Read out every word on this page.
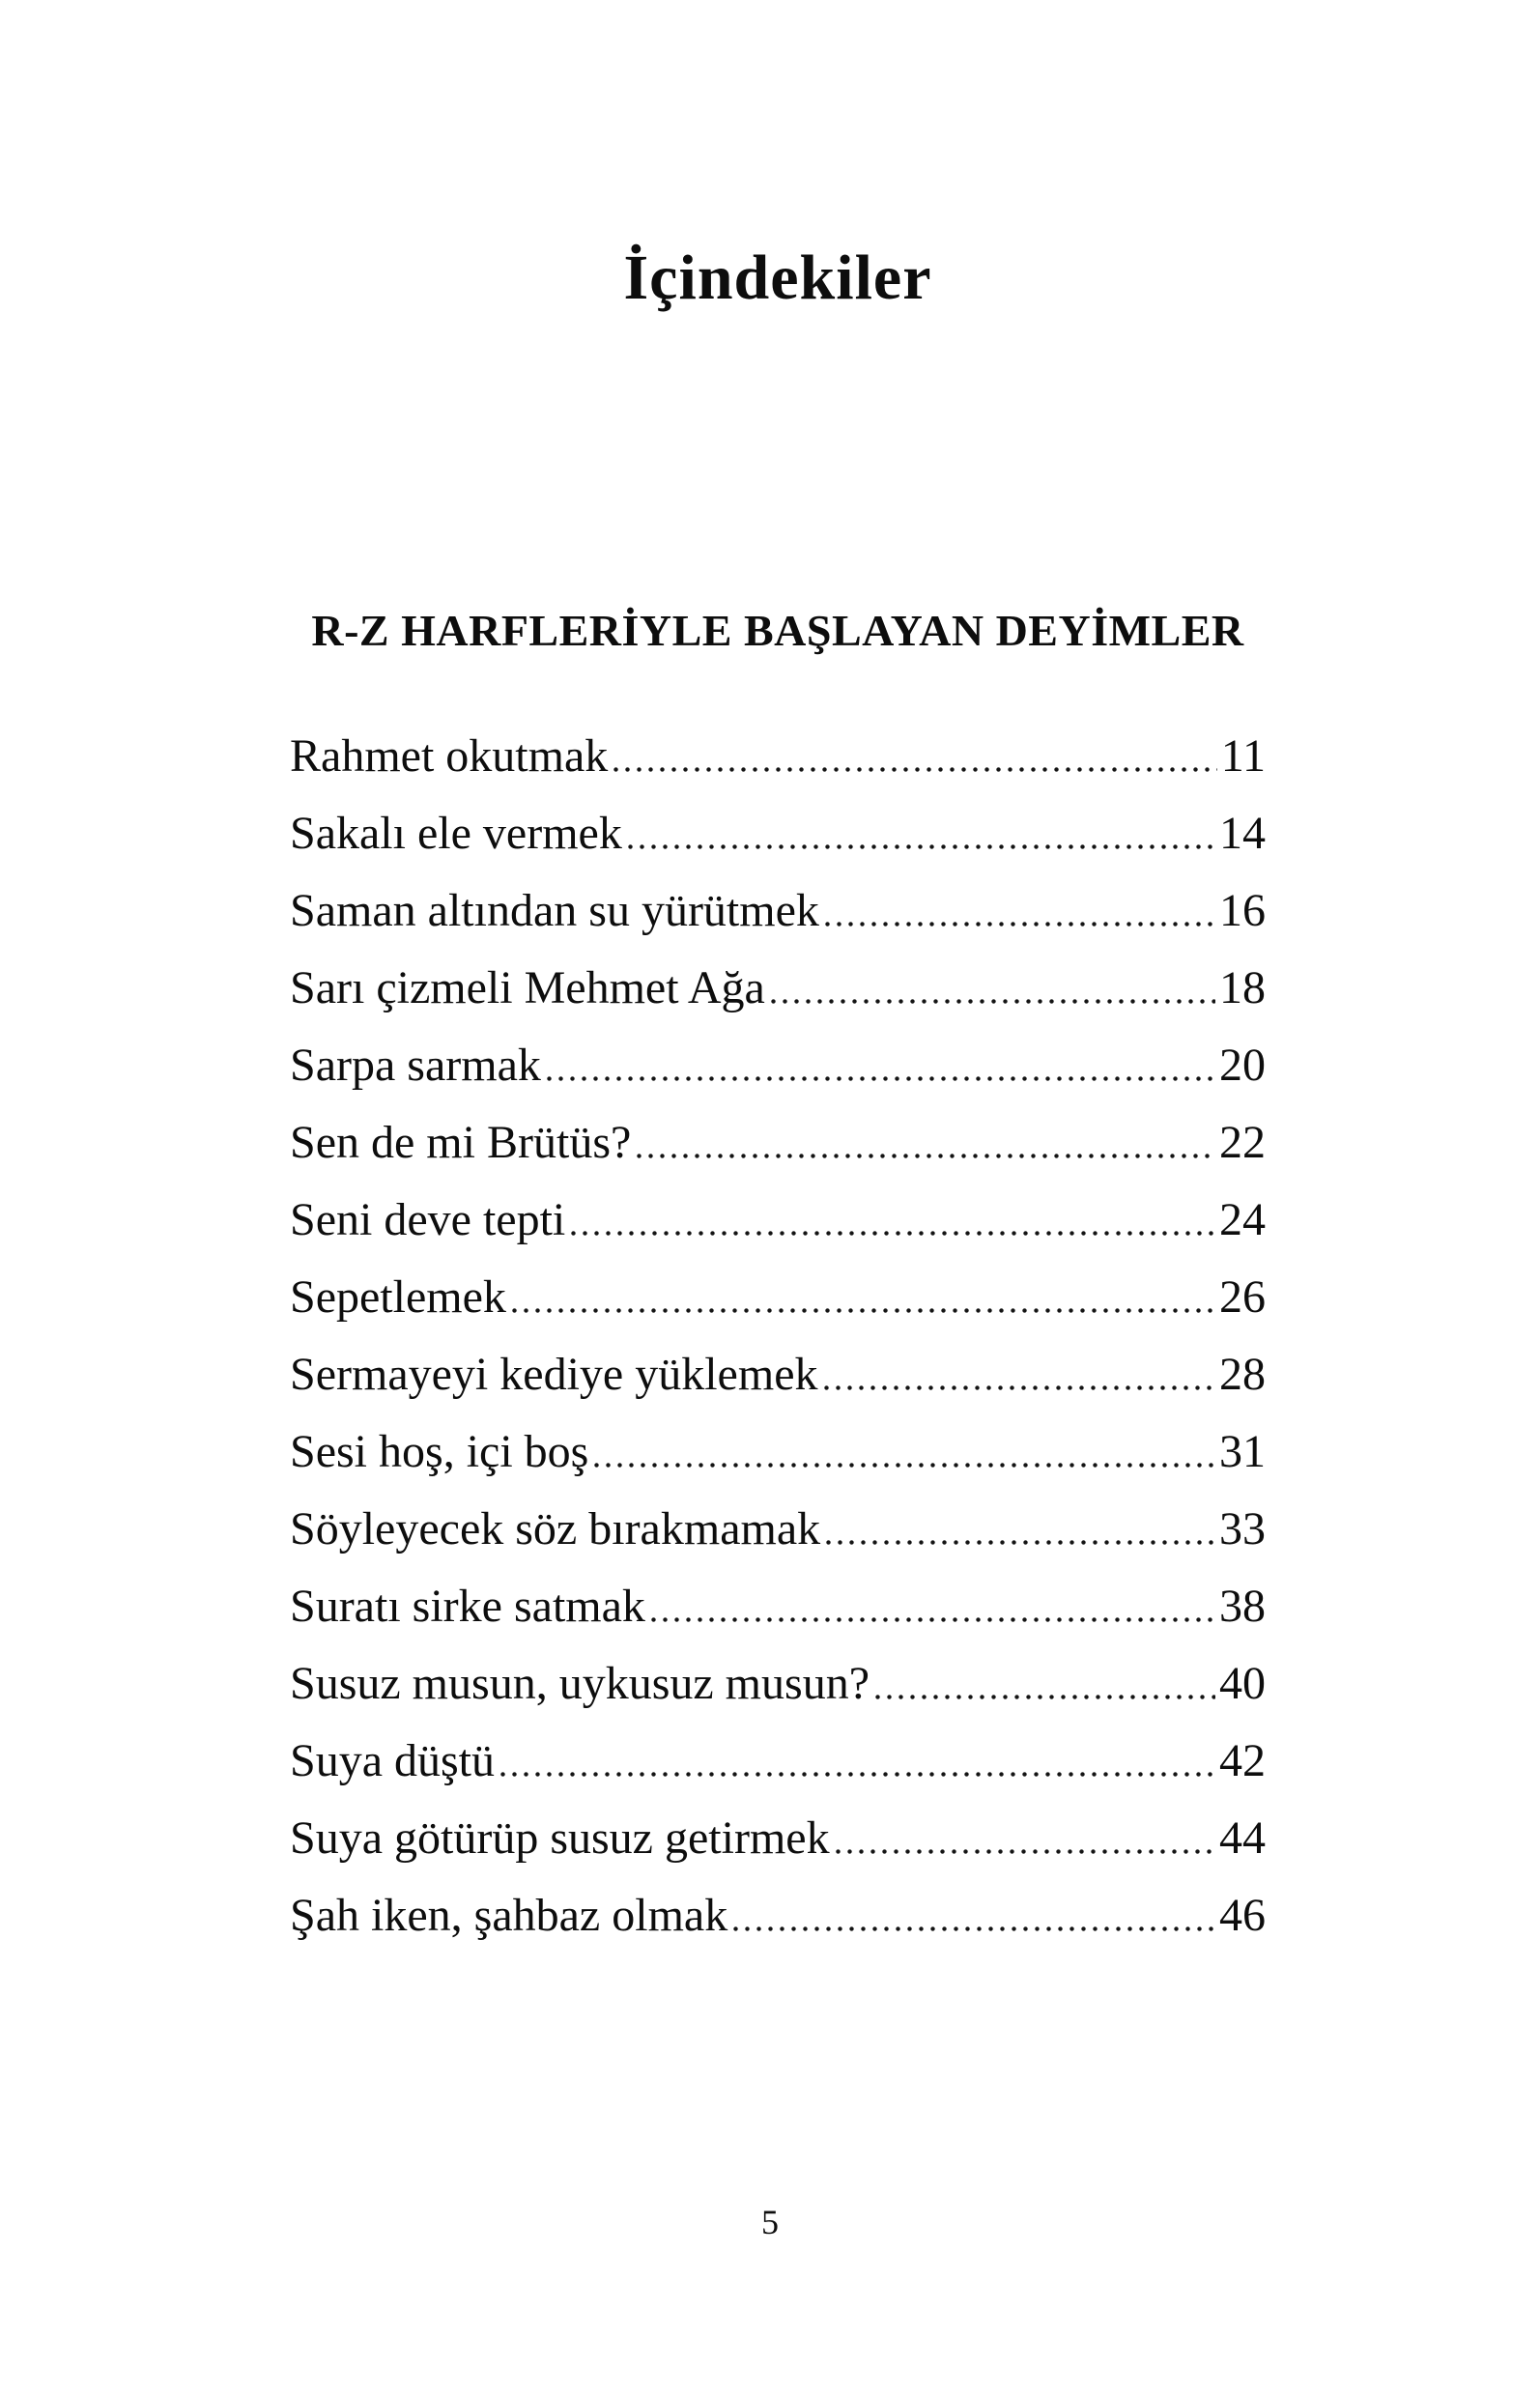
İçindekiler
R-Z HARFLERİYLE BAŞLAYAN DEYİMLER
Rahmet okutmak	11
Sakalı ele vermek	14
Saman altından su yürütmek	16
Sarı çizmeli Mehmet Ağa	18
Sarpa sarmak	20
Sen de mi Brütüs?	22
Seni deve tepti	24
Sepetlemek	26
Sermayeyi kediye yüklemek	28
Sesi hoş, içi boş	31
Söyleyecek söz bırakmamak	33
Suratı sirke satmak	38
Susuz musun, uykusuz musun?	40
Suya düştü	42
Suya götürüp susuz getirmek	44
Şah iken, şahbaz olmak	46
5
